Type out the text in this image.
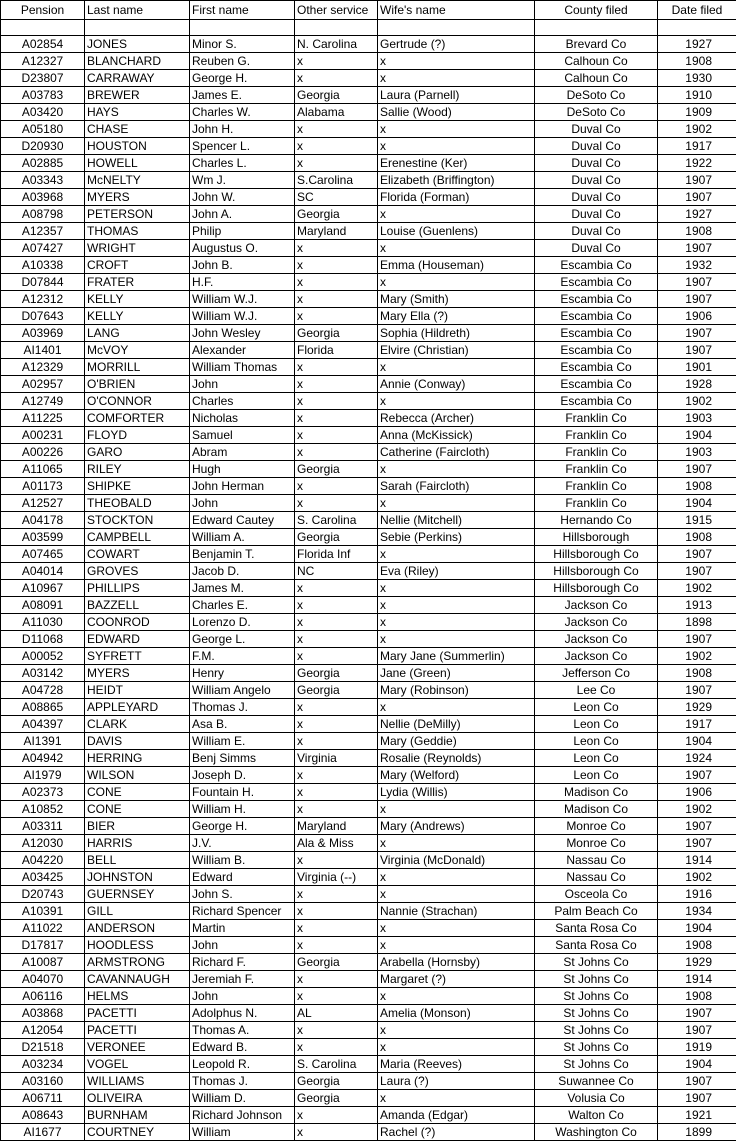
Pension	Last name	First name	Other service	Wife's name	County filed	Date filed

A02854	JONES	Minor S.	N. Carolina	Gertrude (?)	Brevard Co	1927
A12327	BLANCHARD	Reuben G.	x	x	Calhoun Co	1908
D23807	CARRAWAY	George H.	x	x	Calhoun Co	1930
A03783	BREWER	James E.	Georgia	Laura (Parnell)	DeSoto Co	1910
A03420	HAYS	Charles W.	Alabama	Sallie (Wood)	DeSoto Co	1909
A05180	CHASE	John H.	x	x	Duval Co	1902
D20930	HOUSTON	Spencer L.	x	x	Duval Co	1917
A02885	HOWELL	Charles L.	x	Erenestine (Ker)	Duval Co	1922
A03343	McNELTY	Wm J.	S.Carolina	Elizabeth (Briffington)	Duval Co	1907
A03968	MYERS	John W.	SC	Florida (Forman)	Duval Co	1907
A08798	PETERSON	John A.	Georgia	x	Duval Co	1927
A12357	THOMAS	Philip	Maryland	Louise (Guenlens)	Duval Co	1908
A07427	WRIGHT	Augustus O.	x	x	Duval Co	1907
A10338	CROFT	John B.	x	Emma (Houseman)	Escambia Co	1932
D07844	FRATER	H.F.	x	x	Escambia Co	1907
A12312	KELLY	William W.J.	x	Mary (Smith)	Escambia Co	1907
D07643	KELLY	William W.J.	x	Mary Ella (?)	Escambia Co	1906
A03969	LANG	John Wesley	Georgia	Sophia (Hildreth)	Escambia Co	1907
AI1401	McVOY	Alexander	Florida	Elvire (Christian)	Escambia Co	1907
A12329	MORRILL	William Thomas	x	x	Escambia Co	1901
A02957	O'BRIEN	John	x	Annie (Conway)	Escambia Co	1928
A12749	O'CONNOR	Charles	x	x	Escambia Co	1902
A11225	COMFORTER	Nicholas	x	Rebecca (Archer)	Franklin Co	1903
A00231	FLOYD	Samuel	x	Anna (McKissick)	Franklin Co	1904
A00226	GARO	Abram	x	Catherine (Faircloth)	Franklin Co	1903
A11065	RILEY	Hugh	Georgia	x	Franklin Co	1907
A01173	SHIPKE	John Herman	x	Sarah (Faircloth)	Franklin Co	1908
A12527	THEOBALD	John	x	x	Franklin Co	1904
A04178	STOCKTON	Edward Cautey	S. Carolina	Nellie (Mitchell)	Hernando Co	1915
A03599	CAMPBELL	William A.	Georgia	Sebie (Perkins)	Hillsborough	1908
A07465	COWART	Benjamin T.	Florida Inf	x	Hillsborough Co	1907
A04014	GROVES	Jacob D.	NC	Eva (Riley)	Hillsborough Co	1907
A10967	PHILLIPS	James M.	x	x	Hillsborough Co	1902
A08091	BAZZELL	Charles E.	x	x	Jackson Co	1913
A11030	COONROD	Lorenzo D.	x	x	Jackson Co	1898
D11068	EDWARD	George L.	x	x	Jackson Co	1907
A00052	SYFRETT	F.M.	x	Mary Jane (Summerlin)	Jackson Co	1902
A03142	MYERS	Henry	Georgia	Jane (Green)	Jefferson Co	1908
A04728	HEIDT	William Angelo	Georgia	Mary (Robinson)	Lee Co	1907
A08865	APPLEYARD	Thomas J.	x	x	Leon Co	1929
A04397	CLARK	Asa B.	x	Nellie (DeMilly)	Leon Co	1917
AI1391	DAVIS	William E.	x	Mary (Geddie)	Leon Co	1904
A04942	HERRING	Benj Simms	Virginia	Rosalie (Reynolds)	Leon Co	1924
AI1979	WILSON	Joseph D.	x	Mary (Welford)	Leon Co	1907
A02373	CONE	Fountain H.	x	Lydia (Willis)	Madison Co	1906
A10852	CONE	William H.	x	x	Madison Co	1902
A03311	BIER	George H.	Maryland	Mary (Andrews)	Monroe Co	1907
A12030	HARRIS	J.V.	Ala & Miss	x	Monroe Co	1907
A04220	BELL	William B.	x	Virginia (McDonald)	Nassau Co	1914
A03425	JOHNSTON	Edward	Virginia (--)	x	Nassau Co	1902
D20743	GUERNSEY	John S.	x	x	Osceola Co	1916
A10391	GILL	Richard Spencer	x	Nannie (Strachan)	Palm Beach Co	1934
A11022	ANDERSON	Martin	x	x	Santa Rosa Co	1904
D17817	HOODLESS	John	x	x	Santa Rosa Co	1908
A10087	ARMSTRONG	Richard F.	Georgia	Arabella (Hornsby)	St Johns Co	1929
A04070	CAVANNAUGH	Jeremiah F.	x	Margaret (?)	St Johns Co	1914
A06116	HELMS	John	x	x	St Johns Co	1908
A03868	PACETTI	Adolphus N.	AL	Amelia (Monson)	St Johns Co	1907
A12054	PACETTI	Thomas A.	x	x	St Johns Co	1907
D21518	VERONEE	Edward B.	x	x	St Johns Co	1919
A03234	VOGEL	Leopold R.	S. Carolina	Maria (Reeves)	St Johns Co	1904
A03160	WILLIAMS	Thomas J.	Georgia	Laura (?)	Suwannee Co	1907
A06711	OLIVEIRA	William D.	Georgia	x	Volusia Co	1907
A08643	BURNHAM	Richard Johnson	x	Amanda (Edgar)	Walton Co	1921
AI1677	COURTNEY	William	x	Rachel (?)	Washington Co	1899
